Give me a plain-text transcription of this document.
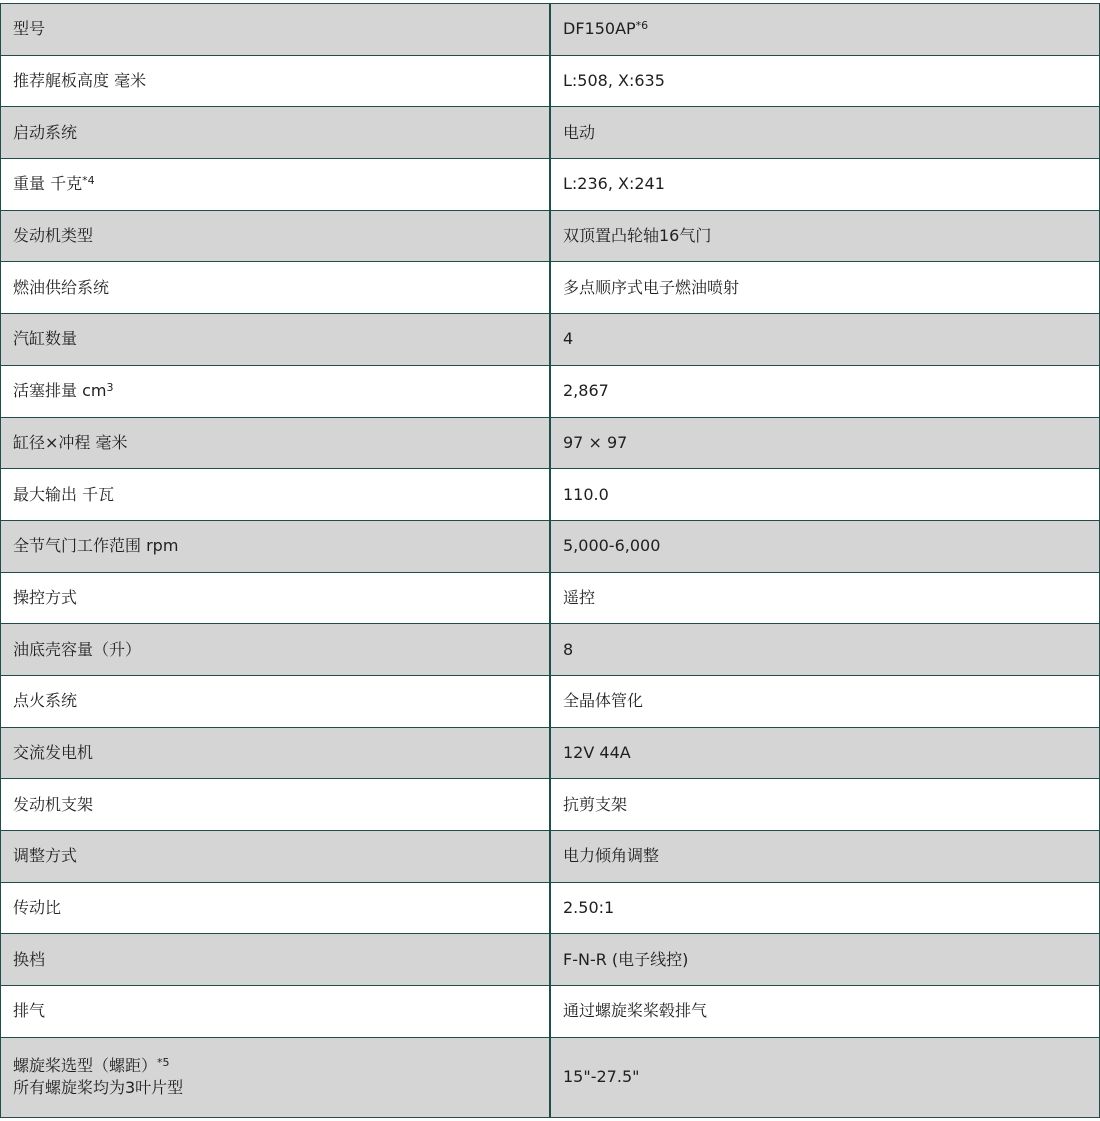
型号	DF150AP$^{*6}$
推荐艉板高度 毫米	L:508, X:635
启动系统	电动
重量 千克$^{*4}$	L:236, X:241
发动机类型	双顶置凸轮轴16气门
燃油供给系统	多点顺序式电子燃油喷射
汽缸数量	4
活塞排量 $cm^3$	2,867
缸径×冲程 毫米	97 × 97
最大输出 千瓦	110.0
全节气门工作范围 rpm	5,000-6,000
操控方式	遥控
油底壳容量（升）	8
点火系统	全晶体管化
交流发电机	12V 44A
发动机支架	抗剪支架
调整方式	电力倾角调整
传动比	2.50:1
换档	F-N-R (电子线控)
排气	通过螺旋桨桨毂排气

螺旋桨选型（螺距）$^{*5}$
所有螺旋桨均为3叶片型	15"-27.5"
